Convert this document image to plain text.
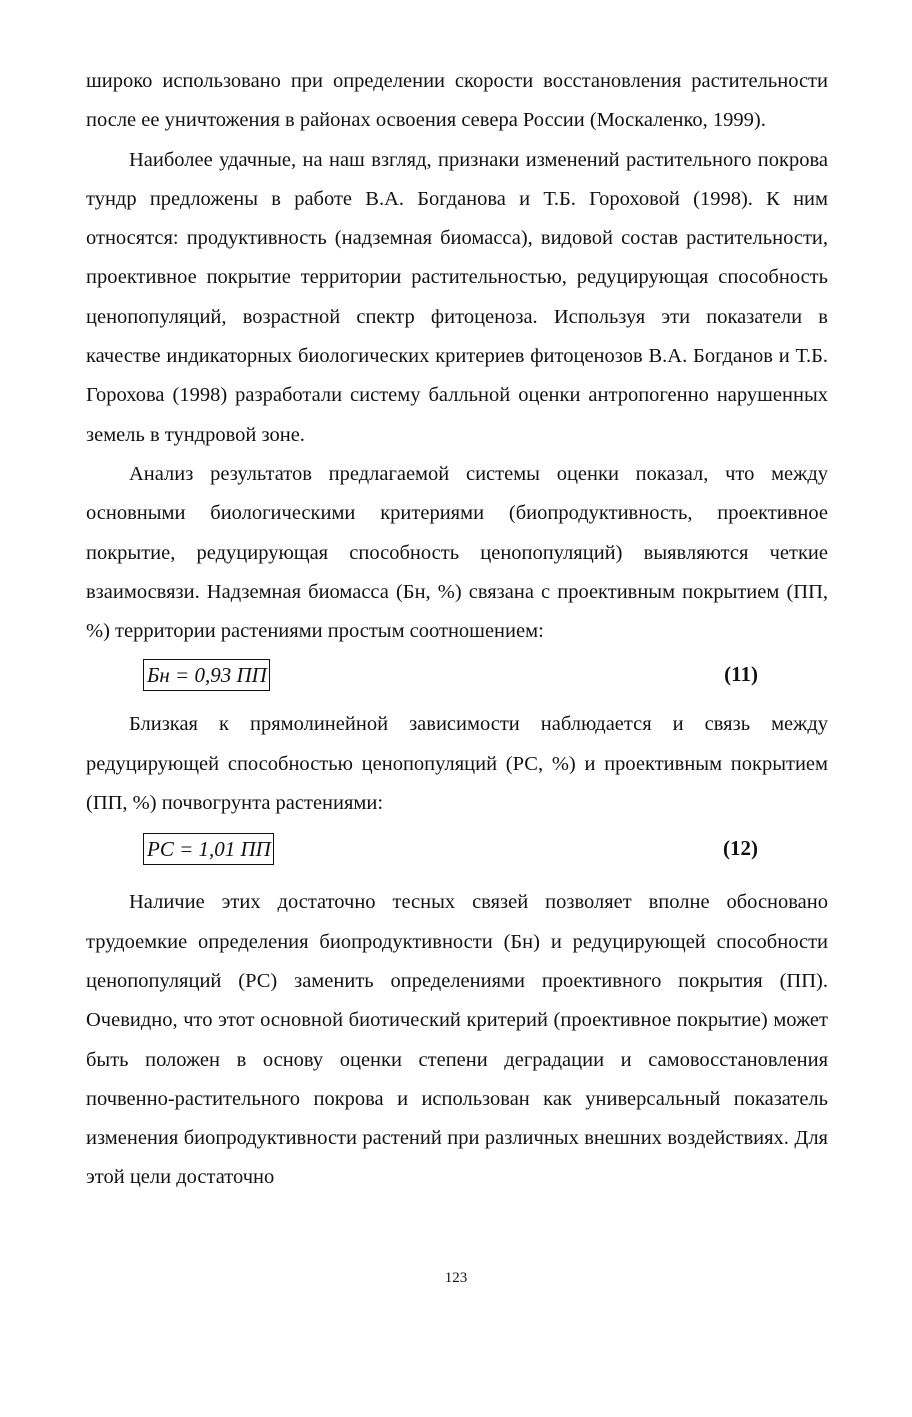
широко использовано при определении скорости восстановления растительности после ее уничтожения в районах освоения севера России (Москаленко, 1999).

Наиболее удачные, на наш взгляд, признаки изменений растительного покрова тундр предложены в работе В.А. Богданова и Т.Б. Гороховой (1998). К ним относятся: продуктивность (надземная биомасса), видовой состав растительности, проективное покрытие территории растительностью, редуцирующая способность ценопопуляций, возрастной спектр фитоценоза. Используя эти показатели в качестве индикаторных биологических критериев фитоценозов В.А. Богданов и Т.Б. Горохова (1998) разработали систему балльной оценки антропогенно нарушенных земель в тундровой зоне.

Анализ результатов предлагаемой системы оценки показал, что между основными биологическими критериями (биопродуктивность, проективное покрытие, редуцирующая способность ценопопуляций) выявляются четкие взаимосвязи. Надземная биомасса (Бн, %) связана с проективным покрытием (ПП, %) территории растениями простым соотношением:

Бн = 0,93 ПП	(11)

Близкая к прямолинейной зависимости наблюдается и связь между редуцирующей способностью ценопопуляций (РС, %) и проективным покрытием (ПП, %) почвогрунта растениями:

РС = 1,01 ПП	(12)

Наличие этих достаточно тесных связей позволяет вполне обосновано трудоемкие определения биопродуктивности (Бн) и редуцирующей способности ценопопуляций (РС) заменить определениями проективного покрытия (ПП). Очевидно, что этот основной биотический критерий (проективное покрытие) может быть положен в основу оценки степени деградации и самовосстановления почвенно-растительного покрова и использован как универсальный показатель изменения биопродуктивности растений при различных внешних воздействиях. Для этой цели достаточно

123
